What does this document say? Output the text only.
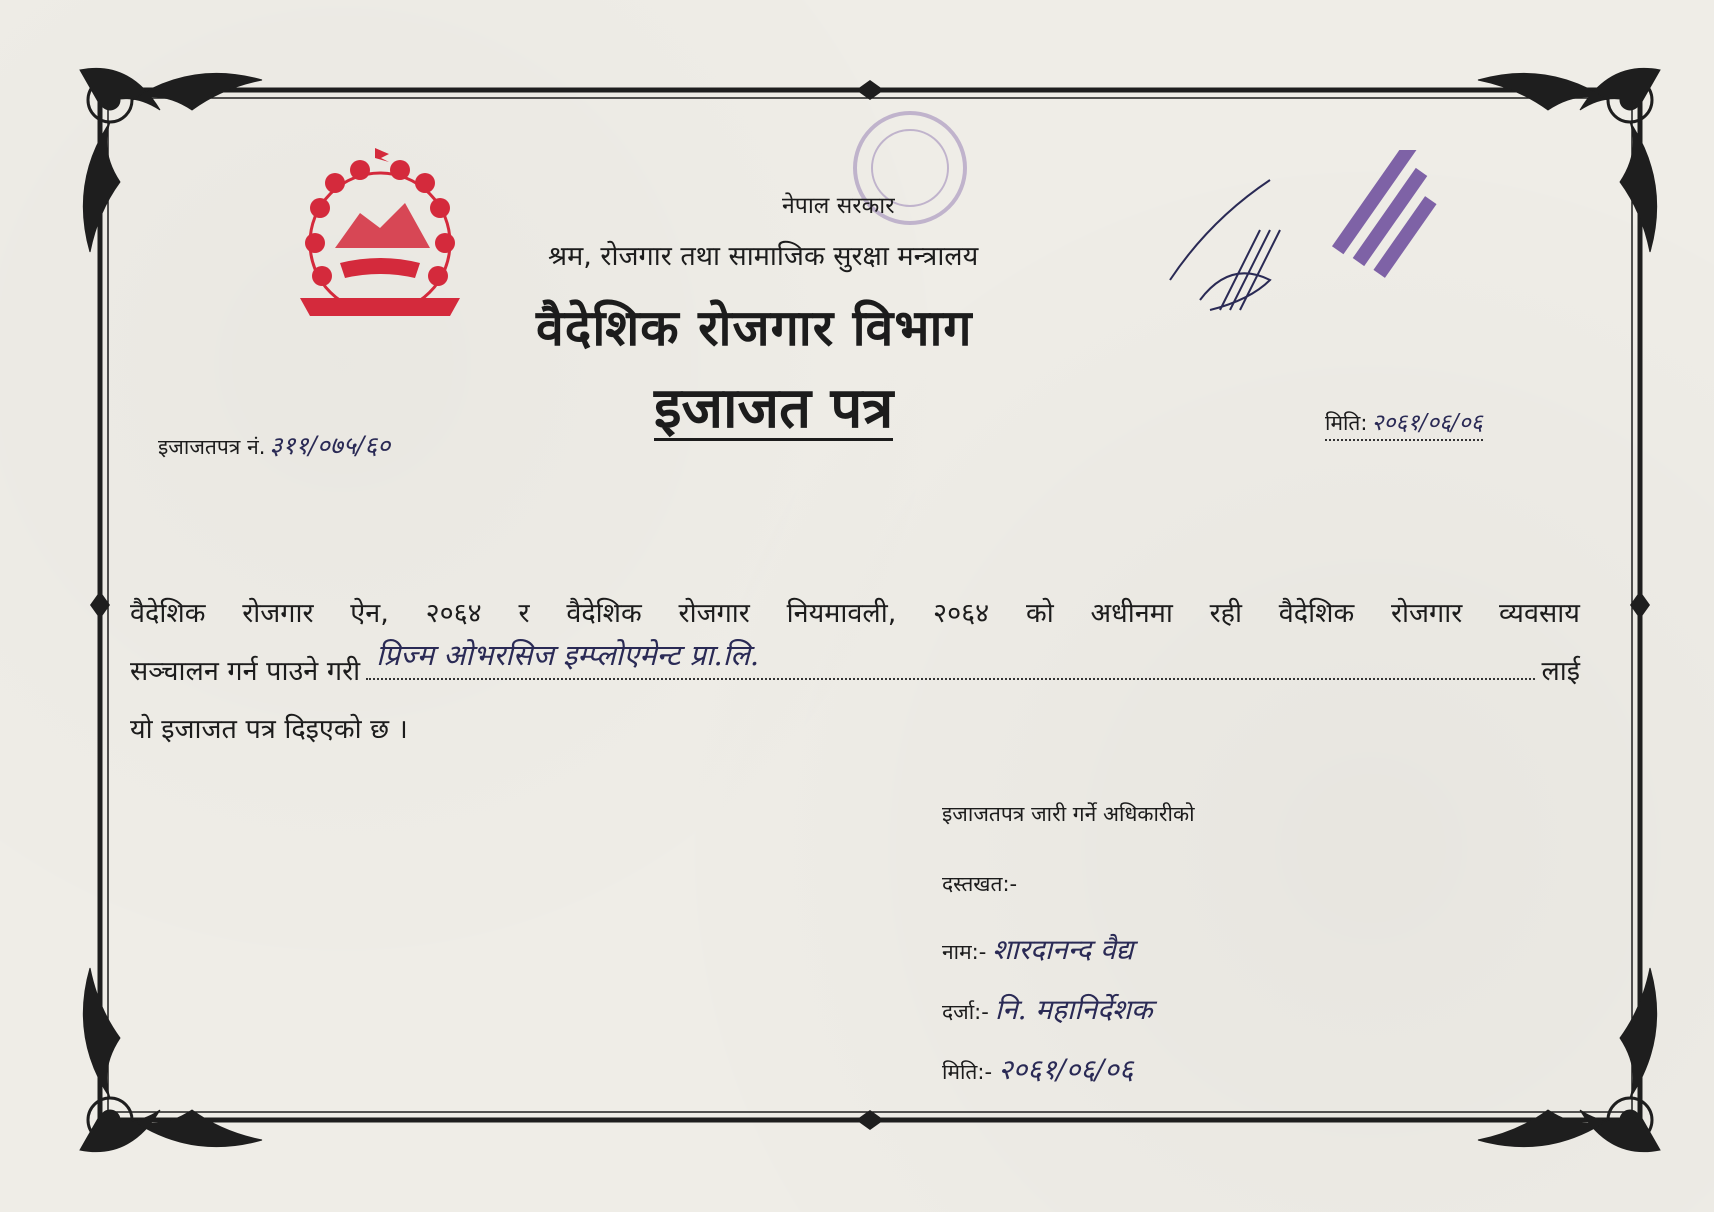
नेपाल सरकार
श्रम, रोजगार तथा सामाजिक सुरक्षा मन्त्रालय
वैदेशिक रोजगार विभाग
इजाजत पत्र
इजाजतपत्र नं. ३११/०७५/६०
मिति: २०६१/०६/०६
वैदेशिक रोजगार ऐन, २०६४ र वैदेशिक रोजगार नियमावली, २०६४ को अधीनमा रही वैदेशिक रोजगार व्यवसाय
सञ्चालन गर्न पाउने गरी प्रिज्म ओभरसिज इम्प्लोएमेन्ट प्रा.लि.	लाई
यो इजाजत पत्र दिइएको छ ।
इजाजतपत्र जारी गर्ने अधिकारीको
दस्तखत:-
नाम:- शारदानन्द वैद्य
दर्जा:- नि. महानिर्देशक
मिति:- २०६१/०६/०६
